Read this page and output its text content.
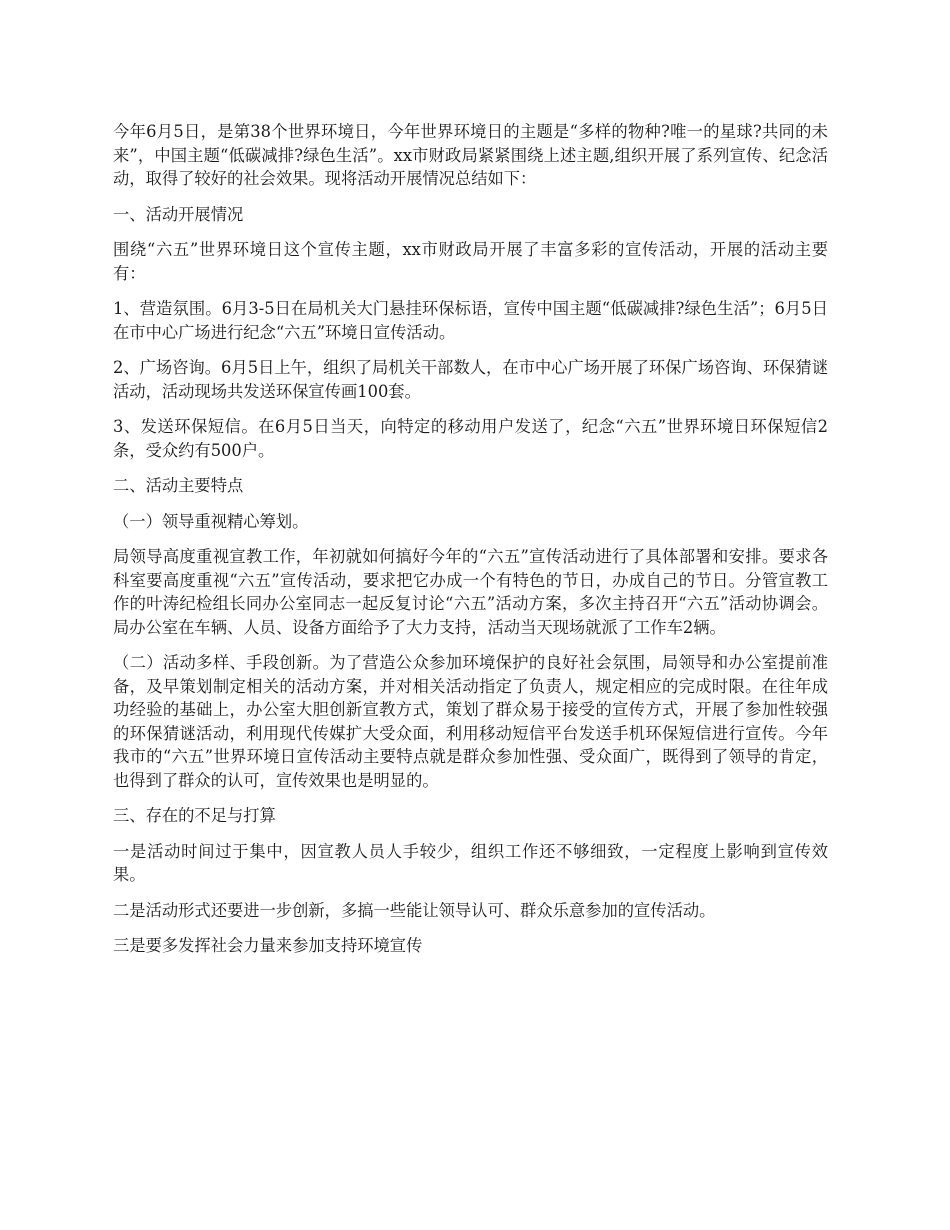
今年6月5日，是第38个世界环境日，今年世界环境日的主题是“多样的物种?唯一的星球?共同的未来”，中国主题“低碳减排?绿色生活”。xx市财政局紧紧围绕上述主题,组织开展了系列宣传、纪念活动，取得了较好的社会效果。现将活动开展情况总结如下：

一、活动开展情况

围绕“六五”世界环境日这个宣传主题，xx市财政局开展了丰富多彩的宣传活动，开展的活动主要有：

1、营造氛围。6月3-5日在局机关大门悬挂环保标语，宣传中国主题“低碳减排?绿色生活”；6月5日在市中心广场进行纪念“六五”环境日宣传活动。

2、广场咨询。6月5日上午，组织了局机关干部数人，在市中心广场开展了环保广场咨询、环保猜谜活动，活动现场共发送环保宣传画100套。

3、发送环保短信。在6月5日当天，向特定的移动用户发送了，纪念“六五”世界环境日环保短信2条，受众约有500户。

二、活动主要特点

（一）领导重视精心筹划。

局领导高度重视宣教工作，年初就如何搞好今年的“六五”宣传活动进行了具体部署和安排。要求各科室要高度重视“六五”宣传活动，要求把它办成一个有特色的节日，办成自己的节日。分管宣教工作的叶涛纪检组长同办公室同志一起反复讨论“六五”活动方案，多次主持召开“六五”活动协调会。局办公室在车辆、人员、设备方面给予了大力支持，活动当天现场就派了工作车2辆。

（二）活动多样、手段创新。为了营造公众参加环境保护的良好社会氛围，局领导和办公室提前准备，及早策划制定相关的活动方案，并对相关活动指定了负责人，规定相应的完成时限。在往年成功经验的基础上，办公室大胆创新宣教方式，策划了群众易于接受的宣传方式，开展了参加性较强的环保猜谜活动，利用现代传媒扩大受众面，利用移动短信平台发送手机环保短信进行宣传。今年我市的“六五”世界环境日宣传活动主要特点就是群众参加性强、受众面广，既得到了领导的肯定，也得到了群众的认可，宣传效果也是明显的。

三、存在的不足与打算

一是活动时间过于集中，因宣教人员人手较少，组织工作还不够细致，一定程度上影响到宣传效果。

二是活动形式还要进一步创新，多搞一些能让领导认可、群众乐意参加的宣传活动。

三是要多发挥社会力量来参加支持环境宣传
